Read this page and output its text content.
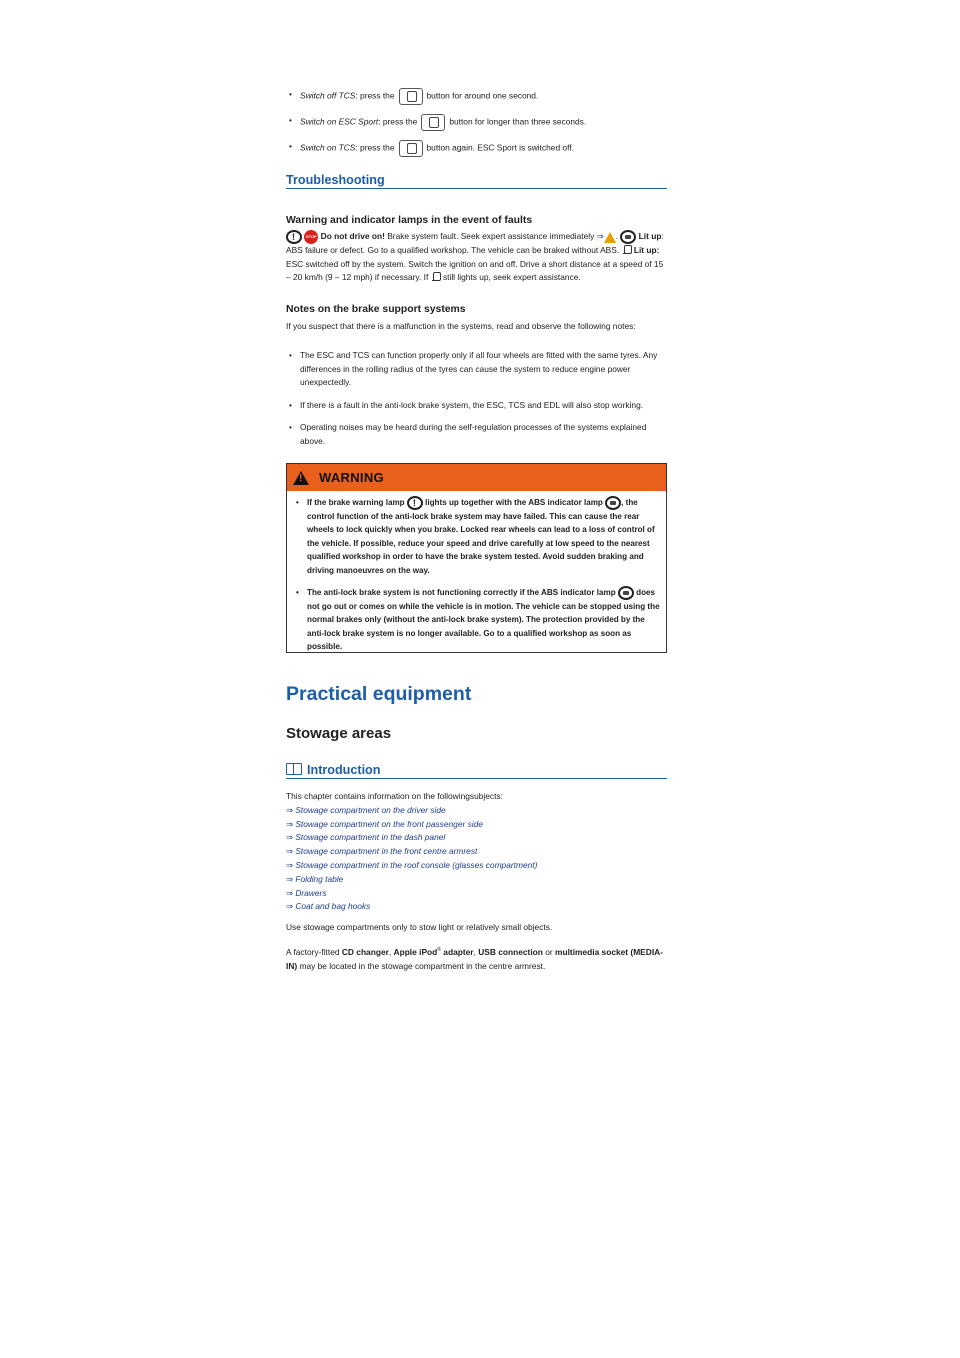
• Switch off TCS: press the	button for around one second.
• Switch on ESC Sport: press the	button for longer than three seconds.
• Switch on TCS: press the	button again. ESC Sport is switched off.
Troubleshooting
Warning and indicator lamps in the event of faults
! STOP Do not drive on! Brake system fault. Seek expert assistance immediately ⇒ . Lit up: ABS failure or defect. Go to a qualified workshop. The vehicle can be braked without ABS. Lit up: ESC switched off by the system. Switch the ignition on and off. Drive a short distance at a speed of 15 – 20 km/h (9 – 12 mph) if necessary. If still lights up, seek expert assistance.
Notes on the brake support systems
If you suspect that there is a malfunction in the systems, read and observe the following notes:
• The ESC and TCS can function properly only if all four wheels are fitted with the same tyres. Any differences in the rolling radius of the tyres can cause the system to reduce engine power unexpectedly.
• If there is a fault in the anti-lock brake system, the ESC, TCS and EDL will also stop working.
• Operating noises may be heard during the self-regulation processes of the systems explained above.
!
WARNING
•	If the brake warning lamp !	lights up together with the ABS indicator lamp , the control function of the anti-lock brake system may have failed. This can cause the rear wheels to lock quickly when you brake. Locked rear wheels can lead to a loss of control of the vehicle. If possible, reduce your speed and drive carefully at low speed to the nearest qualified workshop in order to have the brake system tested. Avoid sudden braking and driving manoeuvres on the way.
•	The anti-lock brake system is not functioning correctly if the ABS indicator lamp	does not go out or comes on while the vehicle is in motion. The vehicle can be stopped using the normal brakes only (without the anti-lock brake system). The protection provided by the anti-lock brake system is no longer available. Go to a qualified workshop as soon as possible.
Practical equipment
Stowage areas
Introduction
This chapter contains information on the followingsubjects:
⇒ Stowage compartment on the driver side
⇒ Stowage compartment on the front passenger side
⇒ Stowage compartment in the dash panel
⇒ Stowage compartment in the front centre armrest
⇒ Stowage compartment in the roof console (glasses compartment)
⇒ Folding table
⇒ Drawers
⇒ Coat and bag hooks
Use stowage compartments only to stow light or relatively small objects.
A factory-fitted CD changer, Apple iPod® adapter, USB connection or multimedia socket (MEDIA-IN) may be located in the stowage compartment in the centre armrest.
